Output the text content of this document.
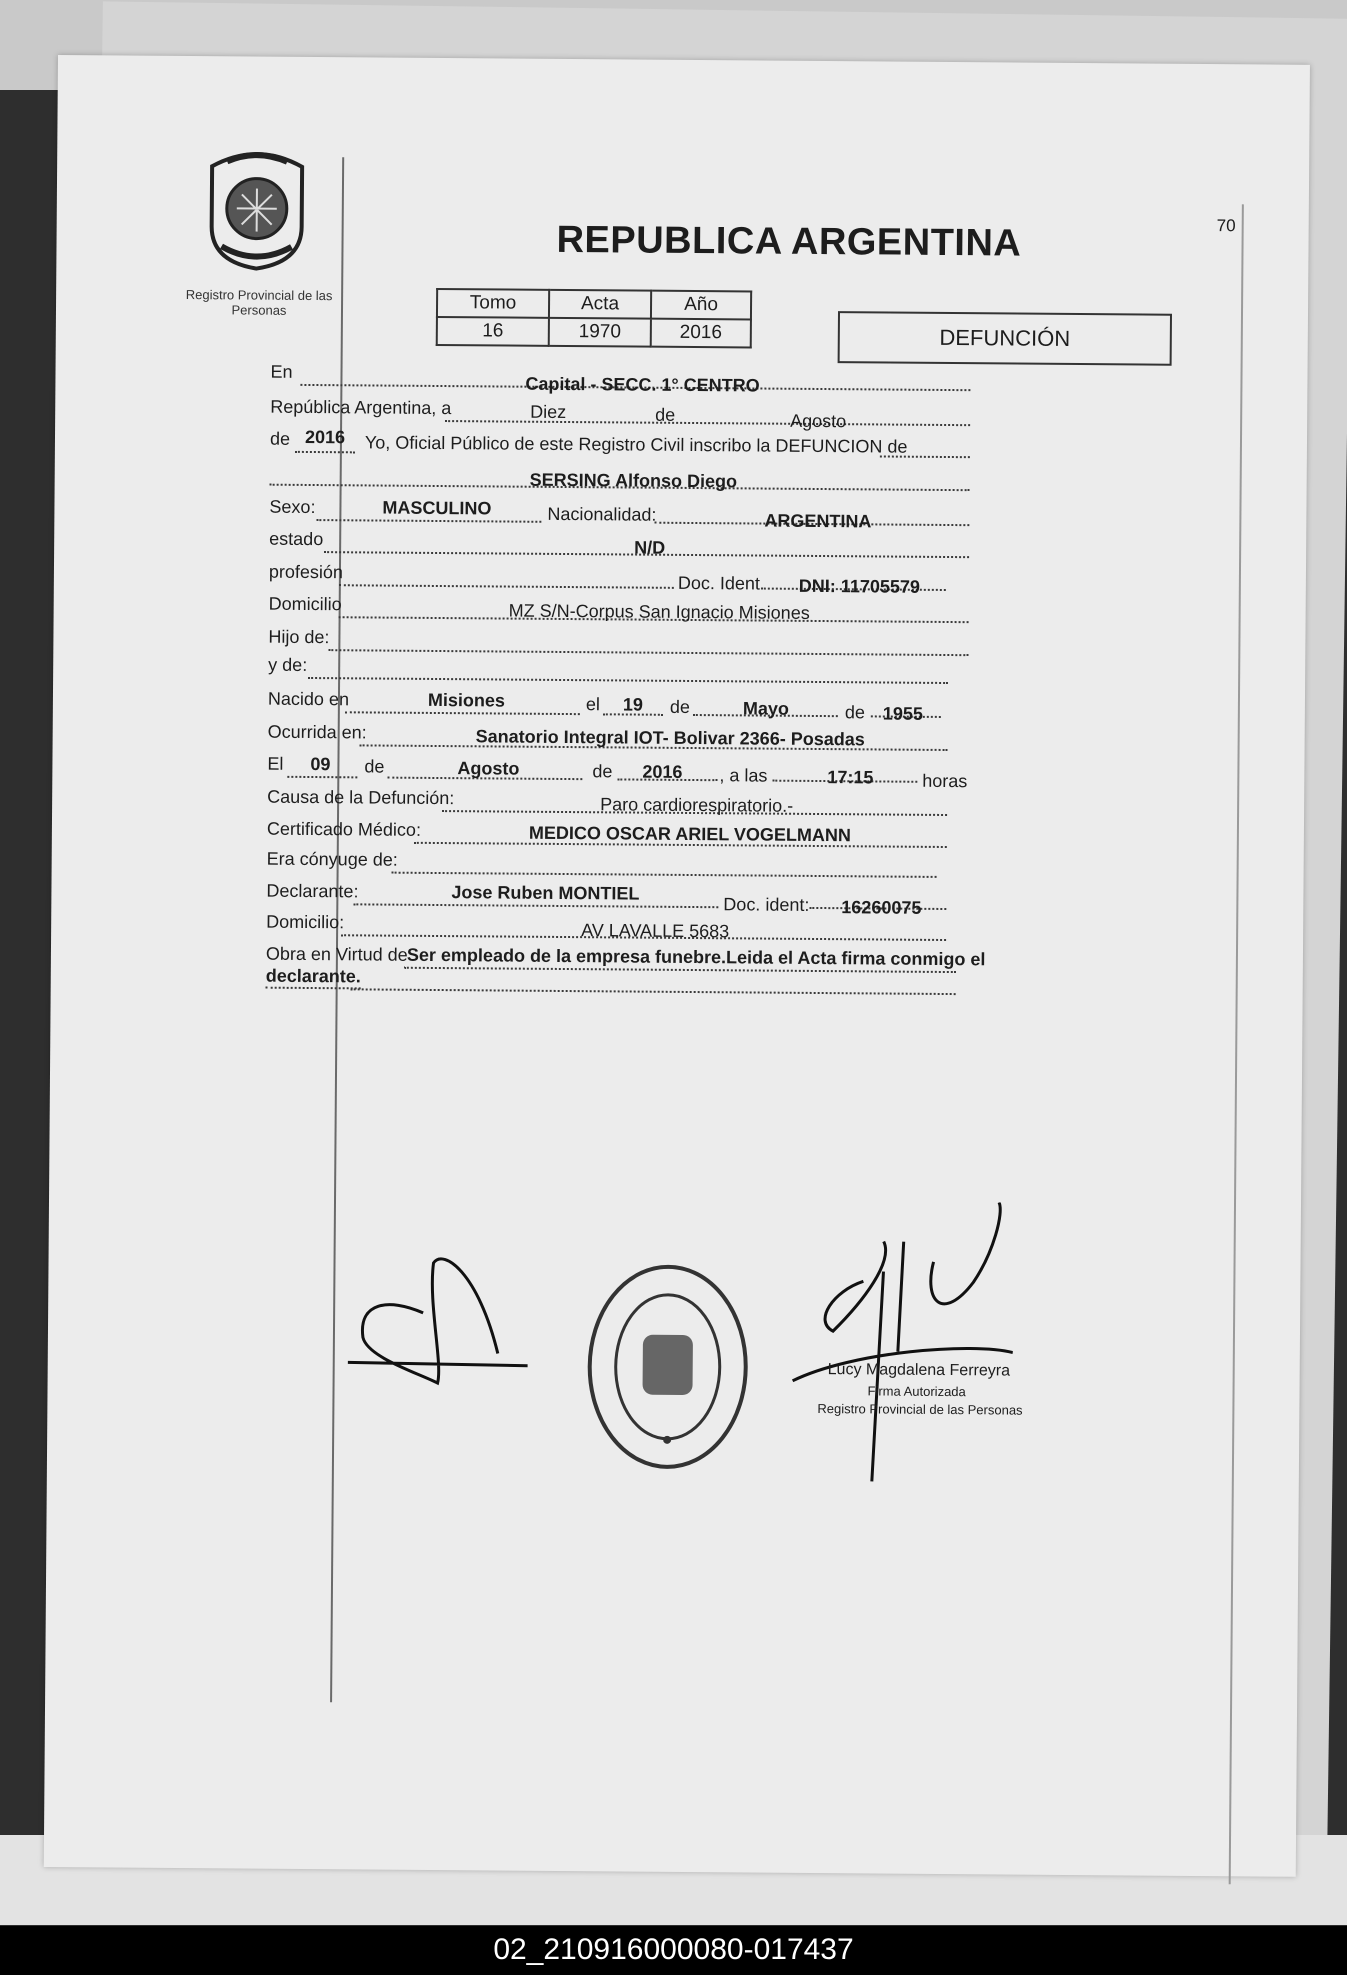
Registro Provincial de las Personas
70
REPUBLICA ARGENTINA
Tomo	Acta	Año
16	1970	2016	DEFUNCIÓN
En
Capital - SECC. 1° CENTRO
República Argentina, a	Diez	de	Agosto
de 2016 Yo, Oficial Público de este Registro Civil inscribo la DEFUNCION de
SERSING Alfonso Diego
Sexo:	MASCULINO	Nacionalidad:	ARGENTINA
estado	N/D
profesión
Doc. Ident DNI: 11705579
Domicilio	MZ S/N-Corpus San Ignacio Misiones
Hijo de:
y de:
Nacido en	Misiones	el 19 de	Mayo	de 1955
Ocurrida en:	Sanatorio Integral IOT- Bolivar 2366- Posadas
El 09 de	Agosto	de 2016 , a las	17:15	horas
Causa de la Defunción:	Paro cardiorespiratorio.-
Certificado Médico:	MEDICO OSCAR ARIEL VOGELMANN
Era cónyuge de:
Declarante:	Jose Ruben MONTIEL
Doc. ident: 16260075
Domicilio:	AV LAVALLE 5683
Obra en Virtud de Ser empleado de la empresa funebre.Leida el Acta firma conmigo el
declarante.
Lucy Magdalena Ferreyra
Firma Autorizada
Registro Provincial de las Personas
02_210916000080-017437
